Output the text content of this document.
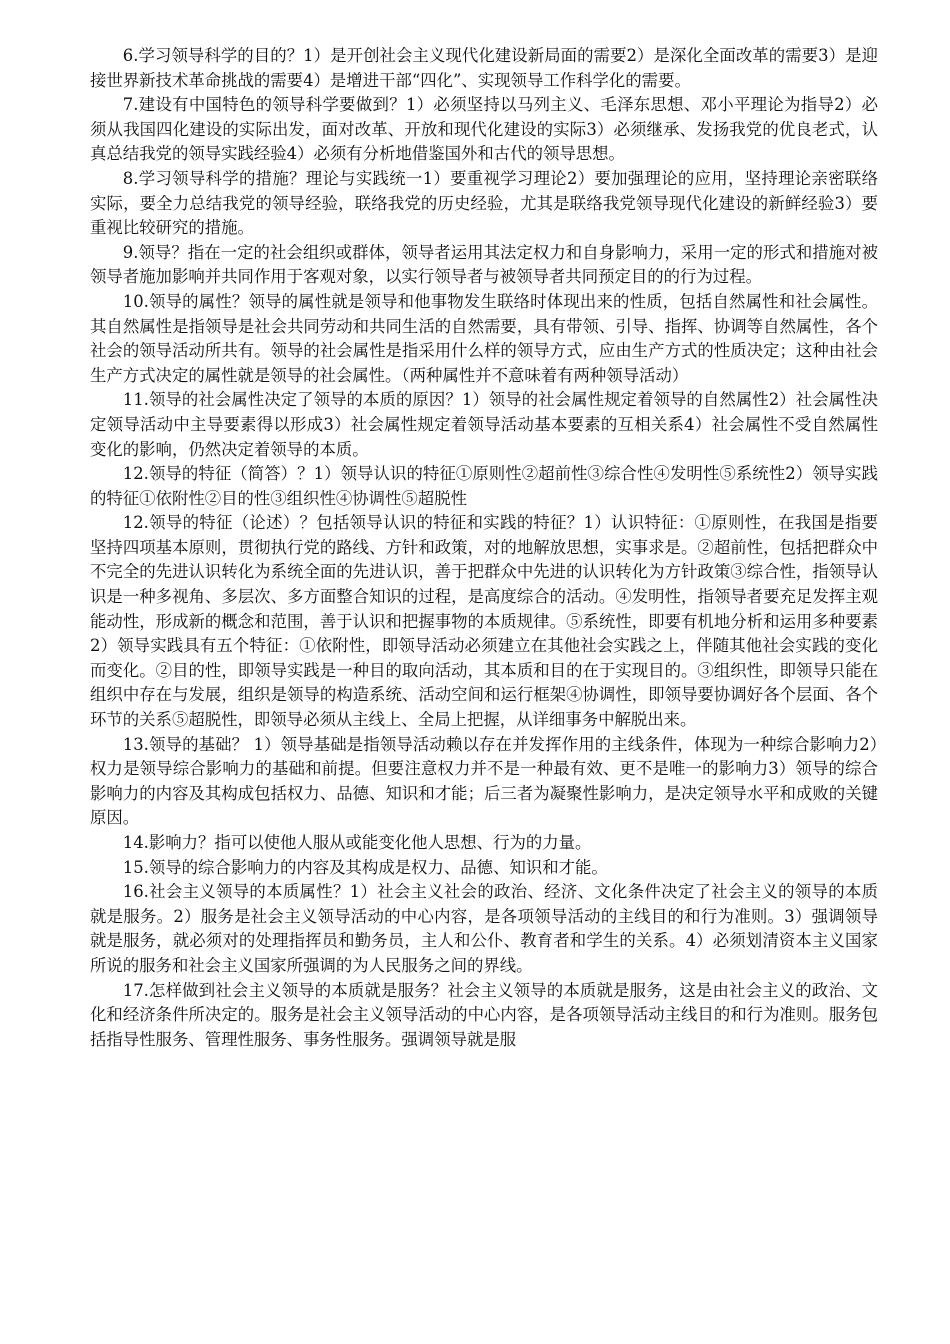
6.学习领导科学的目的？1）是开创社会主义现代化建设新局面的需要2）是深化全面改革的需要3）是迎接世界新技术革命挑战的需要4）是增进干部“四化”、实现领导工作科学化的需要。

7.建设有中国特色的领导科学要做到？1）必须坚持以马列主义、毛泽东思想、邓小平理论为指导2）必须从我国四化建设的实际出发，面对改革、开放和现代化建设的实际3）必须继承、发扬我党的优良老式，认真总结我党的领导实践经验4）必须有分析地借鉴国外和古代的领导思想。

8.学习领导科学的措施？理论与实践统一1）要重视学习理论2）要加强理论的应用，坚持理论亲密联络实际，要全力总结我党的领导经验，联络我党的历史经验，尤其是联络我党领导现代化建设的新鲜经验3）要重视比较研究的措施。

9.领导？指在一定的社会组织或群体，领导者运用其法定权力和自身影响力，采用一定的形式和措施对被领导者施加影响并共同作用于客观对象，以实行领导者与被领导者共同预定目的的行为过程。

10.领导的属性？领导的属性就是领导和他事物发生联络时体现出来的性质，包括自然属性和社会属性。其自然属性是指领导是社会共同劳动和共同生活的自然需要，具有带领、引导、指挥、协调等自然属性，各个社会的领导活动所共有。领导的社会属性是指采用什么样的领导方式，应由生产方式的性质决定；这种由社会生产方式决定的属性就是领导的社会属性。（两种属性并不意味着有两种领导活动）

11.领导的社会属性决定了领导的本质的原因？1）领导的社会属性规定着领导的自然属性2）社会属性决定领导活动中主导要素得以形成3）社会属性规定着领导活动基本要素的互相关系4）社会属性不受自然属性变化的影响，仍然决定着领导的本质。

12.领导的特征（简答）？1）领导认识的特征①原则性②超前性③综合性④发明性⑤系统性2）领导实践的特征①依附性②目的性③组织性④协调性⑤超脱性

12.领导的特征（论述）？包括领导认识的特征和实践的特征？1）认识特征：①原则性，在我国是指要坚持四项基本原则，贯彻执行党的路线、方针和政策，对的地解放思想，实事求是。②超前性，包括把群众中不完全的先进认识转化为系统全面的先进认识，善于把群众中先进的认识转化为方针政策③综合性，指领导认识是一种多视角、多层次、多方面整合知识的过程，是高度综合的活动。④发明性，指领导者要充足发挥主观能动性，形成新的概念和范围，善于认识和把握事物的本质规律。⑤系统性，即要有机地分析和运用多种要素2）领导实践具有五个特征：①依附性，即领导活动必须建立在其他社会实践之上，伴随其他社会实践的变化而变化。②目的性，即领导实践是一种目的取向活动，其本质和目的在于实现目的。③组织性，即领导只能在组织中存在与发展，组织是领导的构造系统、活动空间和运行框架④协调性，即领导要协调好各个层面、各个环节的关系⑤超脱性，即领导必须从主线上、全局上把握，从详细事务中解脱出来。

13.领导的基础？ 1）领导基础是指领导活动赖以存在并发挥作用的主线条件，体现为一种综合影响力2）权力是领导综合影响力的基础和前提。但要注意权力并不是一种最有效、更不是唯一的影响力3）领导的综合影响力的内容及其构成包括权力、品德、知识和才能；后三者为凝聚性影响力，是决定领导水平和成败的关键原因。

14.影响力？指可以使他人服从或能变化他人思想、行为的力量。

15.领导的综合影响力的内容及其构成是权力、品德、知识和才能。

16.社会主义领导的本质属性？1）社会主义社会的政治、经济、文化条件决定了社会主义的领导的本质就是服务。2）服务是社会主义领导活动的中心内容，是各项领导活动的主线目的和行为准则。3）强调领导就是服务，就必须对的处理指挥员和勤务员，主人和公仆、教育者和学生的关系。4）必须划清资本主义国家所说的服务和社会主义国家所强调的为人民服务之间的界线。

17.怎样做到社会主义领导的本质就是服务？社会主义领导的本质就是服务，这是由社会主义的政治、文化和经济条件所决定的。服务是社会主义领导活动的中心内容，是各项领导活动主线目的和行为准则。服务包括指导性服务、管理性服务、事务性服务。强调领导就是服
